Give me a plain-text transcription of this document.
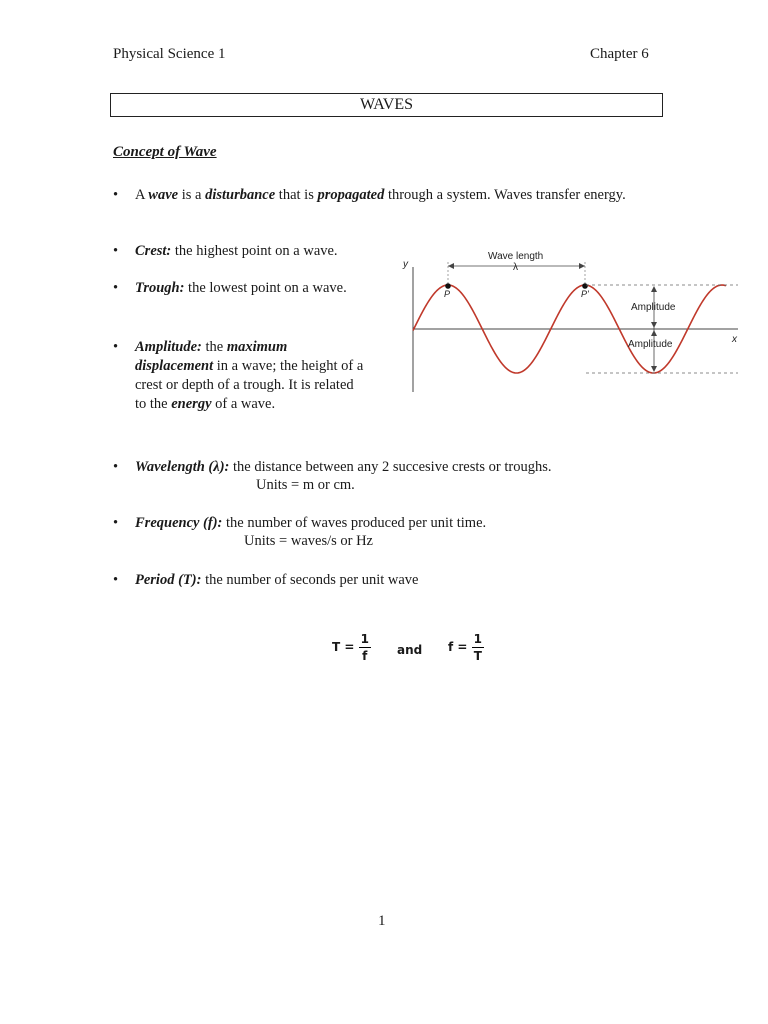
Physical Science 1	Chapter 6
WAVES
Concept of Wave
• A wave is a disturbance that is propagated through a system. Waves transfer energy.
• Crest: the highest point on a wave.
• Trough: the lowest point on a wave.
• Amplitude: the maximum displacement in a wave; the height of a crest or depth of a trough. It is related to the energy of a wave.
y
x
Wave length
λ
P	P'
Amplitude
Amplitude
• Wavelength (λ): the distance between any 2 succesive crests or troughs.
Units = m or cm.
• Frequency (f): the number of waves produced per unit time.
Units = waves/s or Hz
• Period (T): the number of seconds per unit wave
$T = \frac{1}{f}$ and $f = \frac{1}{T}$
1
